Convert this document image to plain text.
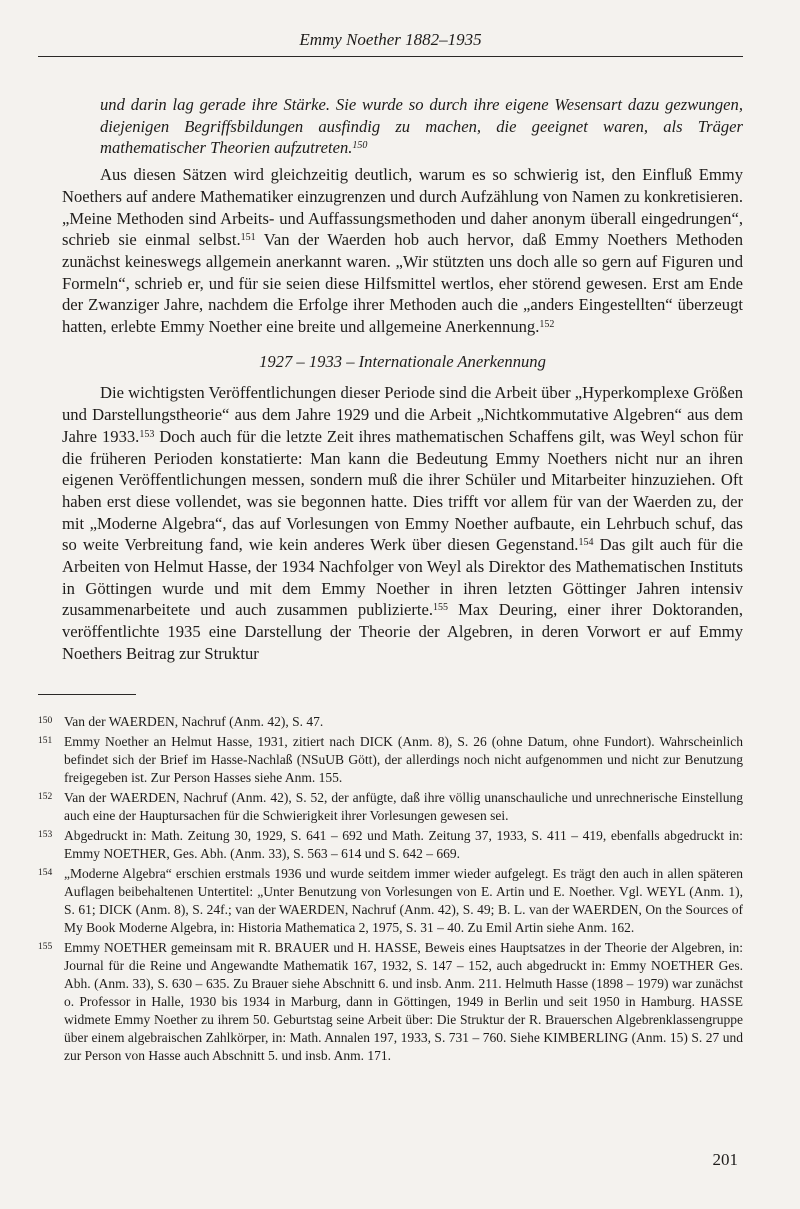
Emmy Noether 1882–1935

und darin lag gerade ihre Stärke. Sie wurde so durch ihre eigene Wesensart dazu gezwungen, diejenigen Begriffsbildungen ausfindig zu machen, die geeignet waren, als Träger mathematischer Theorien aufzutreten.$^{150}$

Aus diesen Sätzen wird gleichzeitig deutlich, warum es so schwierig ist, den Einfluß Emmy Noethers auf andere Mathematiker einzugrenzen und durch Aufzählung von Namen zu konkretisieren. „Meine Methoden sind Arbeits- und Auffassungsmethoden und daher anonym überall eingedrungen“, schrieb sie einmal selbst.$^{151}$ Van der Waerden hob auch hervor, daß Emmy Noethers Methoden zunächst keineswegs allgemein anerkannt waren. „Wir stützten uns doch alle so gern auf Figuren und Formeln“, schrieb er, und für sie seien diese Hilfsmittel wertlos, eher störend gewesen. Erst am Ende der Zwanziger Jahre, nachdem die Erfolge ihrer Methoden auch die „anders Eingestellten“ überzeugt hatten, erlebte Emmy Noether eine breite und allgemeine Anerkennung.$^{152}$

1927 – 1933 – Internationale Anerkennung

Die wichtigsten Veröffentlichungen dieser Periode sind die Arbeit über „Hyperkomplexe Größen und Darstellungstheorie“ aus dem Jahre 1929 und die Arbeit „Nichtkommutative Algebren“ aus dem Jahre 1933.$^{153}$ Doch auch für die letzte Zeit ihres mathematischen Schaffens gilt, was Weyl schon für die früheren Perioden konstatierte: Man kann die Bedeutung Emmy Noethers nicht nur an ihren eigenen Veröffentlichungen messen, sondern muß die ihrer Schüler und Mitarbeiter hinzuziehen. Oft haben erst diese vollendet, was sie begonnen hatte. Dies trifft vor allem für van der Waerden zu, der mit „Moderne Algebra“, das auf Vorlesungen von Emmy Noether aufbaute, ein Lehrbuch schuf, das so weite Verbreitung fand, wie kein anderes Werk über diesen Gegenstand.$^{154}$ Das gilt auch für die Arbeiten von Helmut Hasse, der 1934 Nachfolger von Weyl als Direktor des Mathematischen Instituts in Göttingen wurde und mit dem Emmy Noether in ihren letzten Göttinger Jahren intensiv zusammenarbeitete und auch zusammen publizierte.$^{155}$ Max Deuring, einer ihrer Doktoranden, veröffentlichte 1935 eine Darstellung der Theorie der Algebren, in deren Vorwort er auf Emmy Noethers Beitrag zur Struktur

150 Van der WAERDEN, Nachruf (Anm. 42), S. 47.
151 Emmy Noether an Helmut Hasse, 1931, zitiert nach DICK (Anm. 8), S. 26 (ohne Datum, ohne Fundort). Wahrscheinlich befindet sich der Brief im Hasse-Nachlaß (NSuUB Gött), der allerdings noch nicht aufgenommen und nicht zur Benutzung freigegeben ist. Zur Person Hasses siehe Anm. 155.
152 Van der WAERDEN, Nachruf (Anm. 42), S. 52, der anfügte, daß ihre völlig unanschauliche und unrechnerische Einstellung auch eine der Hauptursachen für die Schwierigkeit ihrer Vorlesungen gewesen sei.
153 Abgedruckt in: Math. Zeitung 30, 1929, S. 641 – 692 und Math. Zeitung 37, 1933, S. 411 – 419, ebenfalls abgedruckt in: Emmy NOETHER, Ges. Abh. (Anm. 33), S. 563 – 614 und S. 642 – 669.
154 „Moderne Algebra“ erschien erstmals 1936 und wurde seitdem immer wieder aufgelegt. Es trägt den auch in allen späteren Auflagen beibehaltenen Untertitel: „Unter Benutzung von Vorlesungen von E. Artin und E. Noether. Vgl. WEYL (Anm. 1), S. 61; DICK (Anm. 8), S. 24f.; van der WAERDEN, Nachruf (Anm. 42), S. 49; B. L. van der WAERDEN, On the Sources of My Book Moderne Algebra, in: Historia Mathematica 2, 1975, S. 31 – 40. Zu Emil Artin siehe Anm. 162.
155 Emmy NOETHER gemeinsam mit R. BRAUER und H. HASSE, Beweis eines Hauptsatzes in der Theorie der Algebren, in: Journal für die Reine und Angewandte Mathematik 167, 1932, S. 147 – 152, auch abgedruckt in: Emmy NOETHER Ges. Abh. (Anm. 33), S. 630 – 635. Zu Brauer siehe Abschnitt 6. und insb. Anm. 211. Helmuth Hasse (1898 – 1979) war zunächst o. Professor in Halle, 1930 bis 1934 in Marburg, dann in Göttingen, 1949 in Berlin und seit 1950 in Hamburg. HASSE widmete Emmy Noether zu ihrem 50. Geburtstag seine Arbeit über: Die Struktur der R. Brauerschen Algebrenklassengruppe über einem algebraischen Zahlkörper, in: Math. Annalen 197, 1933, S. 731 – 760. Siehe KIMBERLING (Anm. 15) S. 27 und zur Person von Hasse auch Abschnitt 5. und insb. Anm. 171.
201
